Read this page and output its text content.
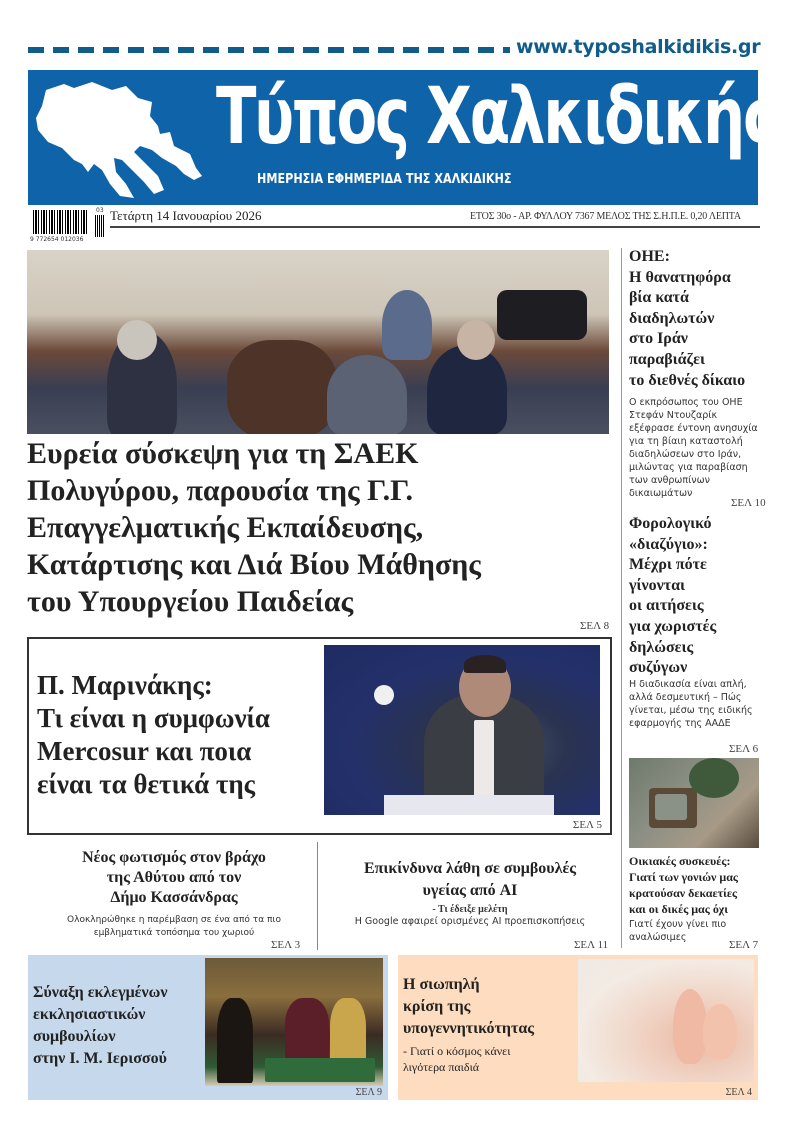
www.typoshalkidikis.gr
Τύπος Χαλκιδικής
ΗΜΕΡΗΣΙΑ ΕΦΗΜΕΡΙΔΑ ΤΗΣ ΧΑΛΚΙΔΙΚΗΣ
9 772654 012036
03 Τετάρτη 14 Ιανουαρίου 2026	ΕΤΟΣ 30ο - ΑΡ. ΦΥΛΛΟΥ 7367 ΜΕΛΟΣ ΤΗΣ Σ.Η.Π.Ε. 0,20 ΛΕΠΤΑ
Ευρεία σύσκεψη για τη ΣΑΕΚ
Πολυγύρου, παρουσία της Γ.Γ.
Επαγγελματικής Εκπαίδευσης,
Κατάρτισης και Διά Βίου Μάθησης
του Υπουργείου Παιδείας
ΣΕΛ 8
Π. Μαρινάκης:
Τι είναι η συμφωνία
Mercosur και ποια
είναι τα θετικά της
ΣΕΛ 5
ΟΗΕ:
Η θανατηφόρα
βία κατά
διαδηλωτών
στο Ιράν
παραβιάζει
το διεθνές δίκαιο
Ο εκπρόσωπος του ΟΗΕ Στεφάν Ντουζαρίκ εξέφρασε έντονη ανησυχία για τη βίαιη καταστολή διαδηλώσεων στο Ιράν, μιλώντας για παραβίαση των ανθρωπίνων δικαιωμάτων
ΣΕΛ 10
Φορολογικό
«διαζύγιο»:
Μέχρι πότε
γίνονται
οι αιτήσεις
για χωριστές
δηλώσεις
συζύγων
Η διαδικασία είναι απλή, αλλά δεσμευτική – Πώς γίνεται, μέσω της ειδικής εφαρμογής της ΑΑΔΕ
ΣΕΛ 6
Οικιακές συσκευές:
Γιατί των γονιών μας
κρατούσαν δεκαετίες
και οι δικές μας όχι
Γιατί έχουν γίνει πιο αναλώσιμες
ΣΕΛ 7
Νέος φωτισμός στον βράχο
της Αθύτου από τον
Δήμο Κασσάνδρας
Ολοκληρώθηκε η παρέμβαση σε ένα από τα πιο εμβληματικά τοπόσημα του χωριού
ΣΕΛ 3
Επικίνδυνα λάθη σε συμβουλές
υγείας από AI
- Τι έδειξε μελέτη
Η Google αφαιρεί ορισμένες AI προεπισκοπήσεις
ΣΕΛ 11
Σύναξη εκλεγμένων
εκκλησιαστικών
συμβουλίων
στην Ι. Μ. Ιερισσού
ΣΕΛ 9
Η σιωπηλή
κρίση της
υπογεννητικότητας
- Γιατί ο κόσμος κάνει
λιγότερα παιδιά
ΣΕΛ 4
